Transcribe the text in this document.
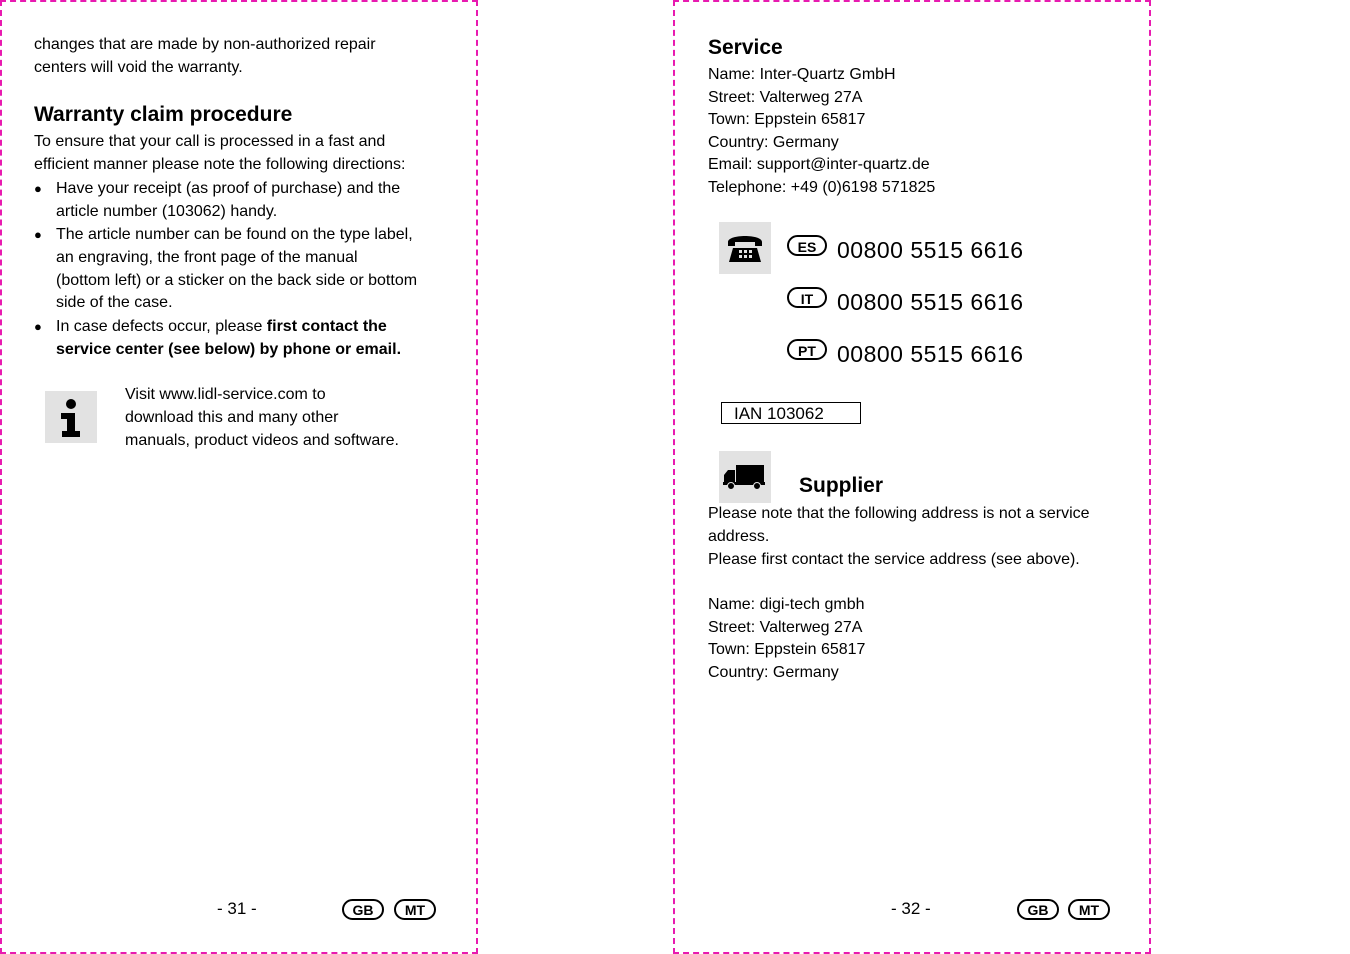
changes that are made by non-authorized repair
centers will void the warranty.
Warranty claim procedure
To ensure that your call is processed in a fast and
efficient manner please note the following directions:
● Have your receipt (as proof of purchase) and the
article number (103062) handy.
● The article number can be found on the type label,
an engraving, the front page of the manual
(bottom left) or a sticker on the back side or bottom
side of the case.
● In case defects occur, please first contact the
service center (see below) by phone or email.
Visit www.lidl-service.com to
download this and many other
manuals, product videos and software.
- 31 -	GB	MT
Service
Name: Inter-Quartz GmbH
Street: Valterweg 27A
Town: Eppstein 65817
Country: Germany
Email: support@inter-quartz.de
Telephone: +49 (0)6198 571825
ES 00800 5515 6616
IT	00800 5515 6616
PT 00800 5515 6616
IAN 103062
Supplier
Please note that the following address is not a service
address.
Please first contact the service address (see above).
Name: digi-tech gmbh
Street: Valterweg 27A
Town: Eppstein 65817
Country: Germany
- 32 -	GB	MT
